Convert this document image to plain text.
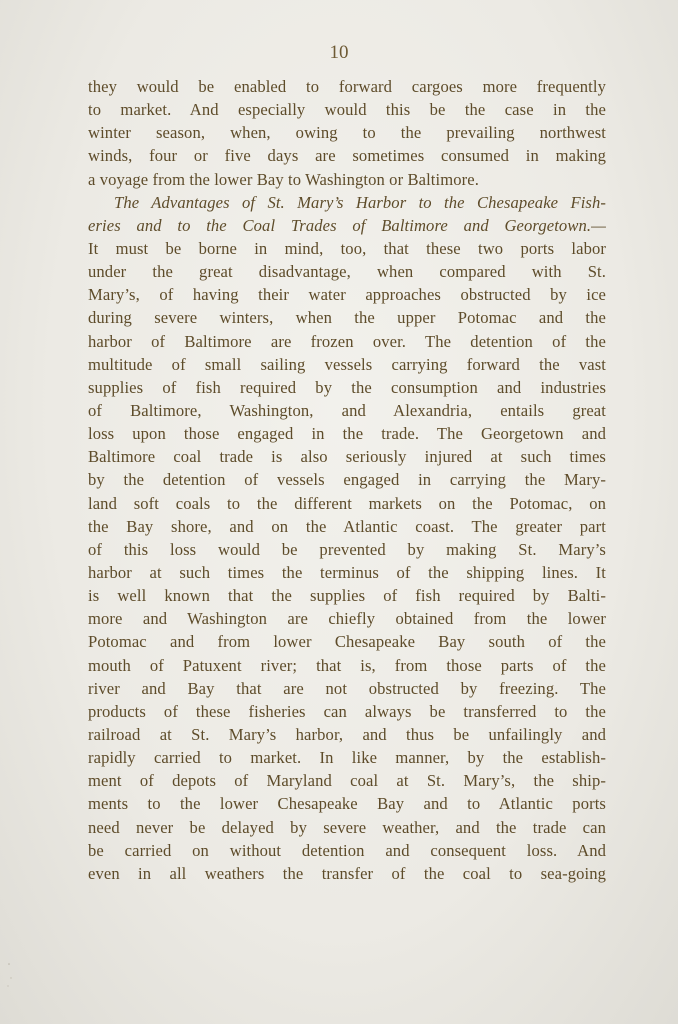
10
they would be enabled to forward cargoes more frequently
to market. And especially would this be the case in the
winter season, when, owing to the prevailing northwest
winds, four or five days are sometimes consumed in making
a voyage from the lower Bay to Washington or Baltimore.
The Advantages of St. Mary’s Harbor to the Chesapeake Fish-
eries and to the Coal Trades of Baltimore and Georgetown.—
It must be borne in mind, too, that these two ports labor
under the great disadvantage, when compared with St.
Mary’s, of having their water approaches obstructed by ice
during severe winters, when the upper Potomac and the
harbor of Baltimore are frozen over. The detention of the
multitude of small sailing vessels carrying forward the vast
supplies of fish required by the consumption and industries
of Baltimore, Washington, and Alexandria, entails great
loss upon those engaged in the trade. The Georgetown and
Baltimore coal trade is also seriously injured at such times
by the detention of vessels engaged in carrying the Mary-
land soft coals to the different markets on the Potomac, on
the Bay shore, and on the Atlantic coast. The greater part
of this loss would be prevented by making St. Mary’s
harbor at such times the terminus of the shipping lines. It
is well known that the supplies of fish required by Balti-
more and Washington are chiefly obtained from the lower
Potomac and from lower Chesapeake Bay south of the
mouth of Patuxent river; that is, from those parts of the
river and Bay that are not obstructed by freezing. The
products of these fisheries can always be transferred to the
railroad at St. Mary’s harbor, and thus be unfailingly and
rapidly carried to market. In like manner, by the establish-
ment of depots of Maryland coal at St. Mary’s, the ship-
ments to the lower Chesapeake Bay and to Atlantic ports
need never be delayed by severe weather, and the trade can
be carried on without detention and consequent loss. And
even in all weathers the transfer of the coal to sea-going
